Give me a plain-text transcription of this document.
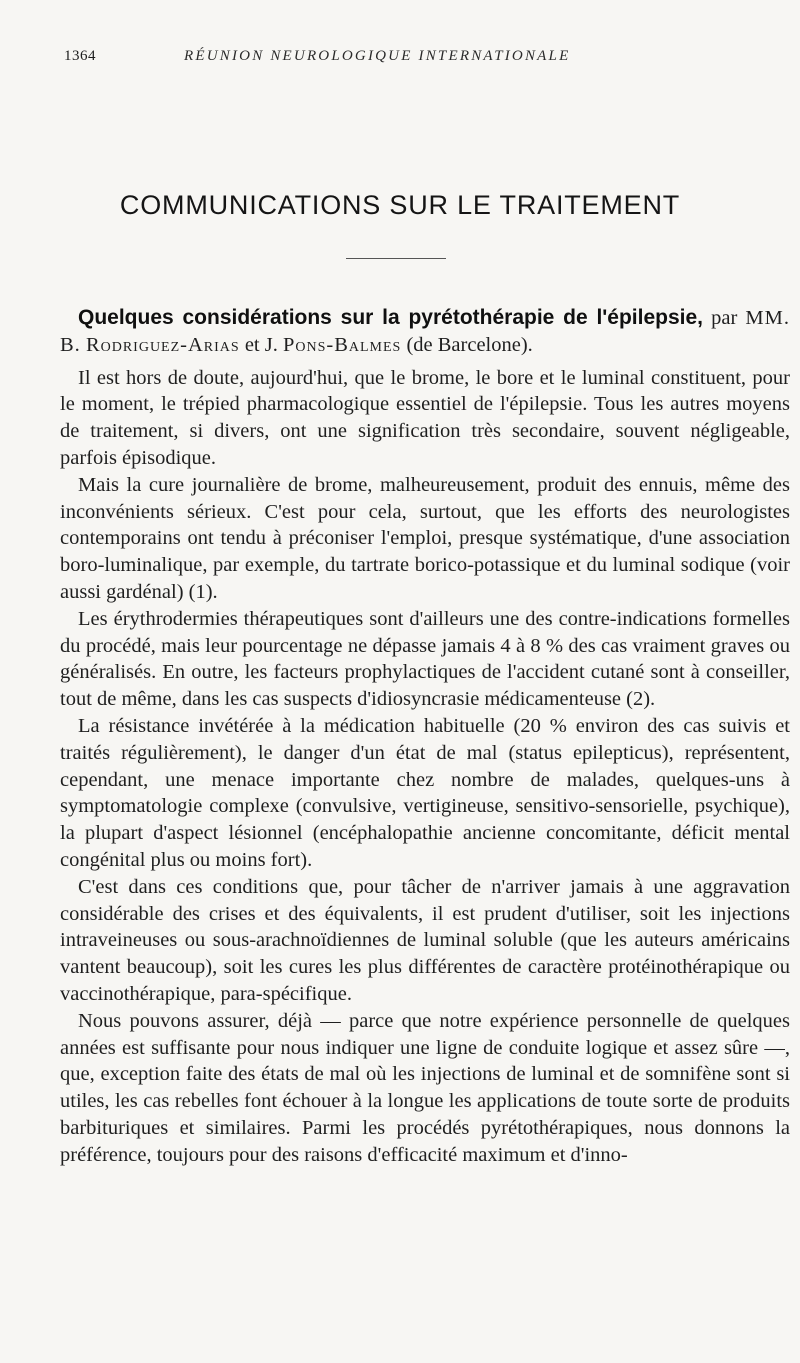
1364	RÉUNION NEUROLOGIQUE INTERNATIONALE
COMMUNICATIONS SUR LE TRAITEMENT

Quelques considérations sur la pyrétothérapie de l'épilepsie, par MM. B. Rodriguez-Arias et J. Pons-Balmes (de Barcelone).

Il est hors de doute, aujourd'hui, que le brome, le bore et le luminal constituent, pour le moment, le trépied pharmacologique essentiel de l'épilepsie. Tous les autres moyens de traitement, si divers, ont une signification très secondaire, souvent négligeable, parfois épisodique.

Mais la cure journalière de brome, malheureusement, produit des ennuis, même des inconvénients sérieux. C'est pour cela, surtout, que les efforts des neurologistes contemporains ont tendu à préconiser l'emploi, presque systématique, d'une association boro-luminalique, par exemple, du tartrate borico-potassique et du luminal sodique (voir aussi gardénal) (1).

Les érythrodermies thérapeutiques sont d'ailleurs une des contre-indications formelles du procédé, mais leur pourcentage ne dépasse jamais 4 à 8 % des cas vraiment graves ou généralisés. En outre, les facteurs prophylactiques de l'accident cutané sont à conseiller, tout de même, dans les cas suspects d'idiosyncrasie médicamenteuse (2).

La résistance invétérée à la médication habituelle (20 % environ des cas suivis et traités régulièrement), le danger d'un état de mal (status epilepticus), représentent, cependant, une menace importante chez nombre de malades, quelques-uns à symptomatologie complexe (convulsive, vertigineuse, sensitivo-sensorielle, psychique), la plupart d'aspect lésionnel (encéphalopathie ancienne concomitante, déficit mental congénital plus ou moins fort).

C'est dans ces conditions que, pour tâcher de n'arriver jamais à une aggravation considérable des crises et des équivalents, il est prudent d'utiliser, soit les injections intraveineuses ou sous-arachnoïdiennes de luminal soluble (que les auteurs américains vantent beaucoup), soit les cures les plus différentes de caractère protéinothérapique ou vaccinothérapique, para-spécifique.

Nous pouvons assurer, déjà — parce que notre expérience personnelle de quelques années est suffisante pour nous indiquer une ligne de conduite logique et assez sûre —, que, exception faite des états de mal où les injections de luminal et de somnifène sont si utiles, les cas rebelles font échouer à la longue les applications de toute sorte de produits barbituriques et similaires. Parmi les procédés pyrétothérapiques, nous donnons la préférence, toujours pour des raisons d'efficacité maximum et d'inno-
